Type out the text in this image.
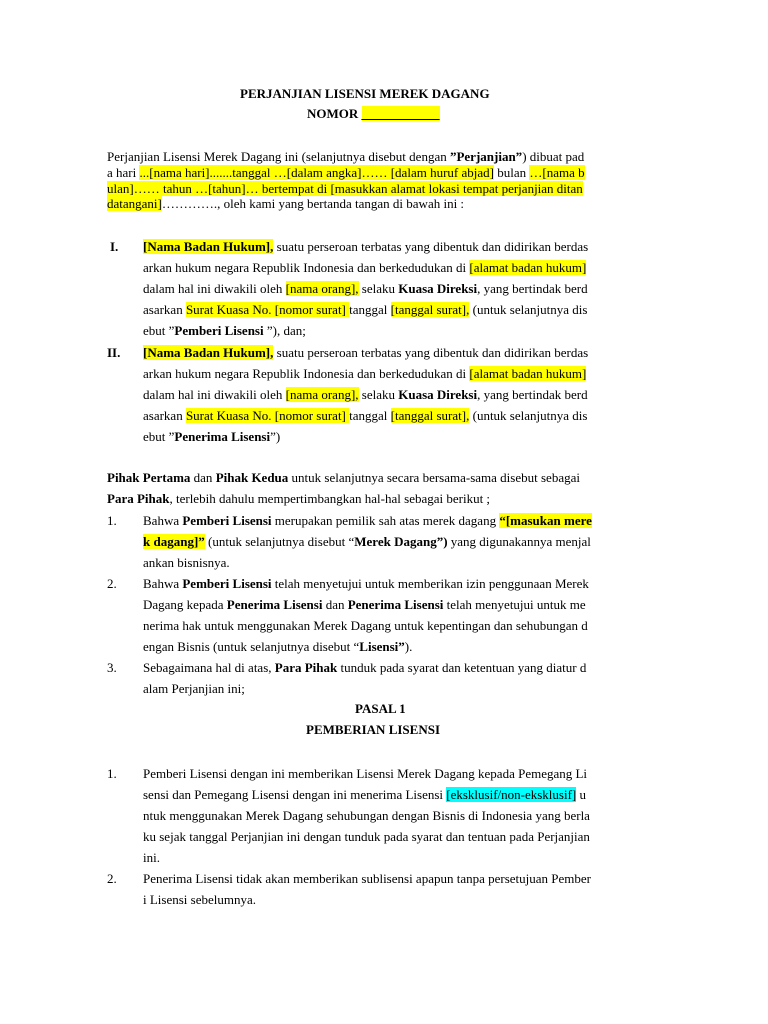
PERJANJIAN LISENSI MEREK DAGANG
NOMOR ____________
Perjanjian Lisensi Merek Dagang ini (selanjutnya disebut dengan ”Perjanjian”) dibuat pad
a hari ...[nama hari].......tanggal …[dalam angka]…… [dalam huruf abjad] bulan …[nama b
ulan]…… tahun …[tahun]… bertempat di [masukkan alamat lokasi tempat perjanjian ditan
datangani]…………., oleh kami yang bertanda tangan di bawah ini :
I. [Nama Badan Hukum], suatu perseroan terbatas yang dibentuk dan didirikan berdas
arkan hukum negara Republik Indonesia dan berkedudukan di [alamat badan hukum]
dalam hal ini diwakili oleh [nama orang], selaku Kuasa Direksi, yang bertindak berd
asarkan Surat Kuasa No. [nomor surat] tanggal [tanggal surat], (untuk selanjutnya dis
ebut ”Pemberi Lisensi ”), dan;
II. [Nama Badan Hukum], suatu perseroan terbatas yang dibentuk dan didirikan berdas
arkan hukum negara Republik Indonesia dan berkedudukan di [alamat badan hukum]
dalam hal ini diwakili oleh [nama orang], selaku Kuasa Direksi, yang bertindak berd
asarkan Surat Kuasa No. [nomor surat] tanggal [tanggal surat], (untuk selanjutnya dis
ebut ”Penerima Lisensi”)
Pihak Pertama dan Pihak Kedua untuk selanjutnya secara bersama-sama disebut sebagai
Para Pihak, terlebih dahulu mempertimbangkan hal-hal sebagai berikut ;
1. Bahwa Pemberi Lisensi merupakan pemilik sah atas merek dagang “[masukan mere
k dagang]” (untuk selanjutnya disebut “Merek Dagang”) yang digunakannya menjal
ankan bisnisnya.
2. Bahwa Pemberi Lisensi telah menyetujui untuk memberikan izin penggunaan Merek
Dagang kepada Penerima Lisensi dan Penerima Lisensi telah menyetujui untuk me
nerima hak untuk menggunakan Merek Dagang untuk kepentingan dan sehubungan d
engan Bisnis (untuk selanjutnya disebut “Lisensi”).
3. Sebagaimana hal di atas, Para Pihak tunduk pada syarat dan ketentuan yang diatur d
alam Perjanjian ini;
PASAL 1
PEMBERIAN LISENSI
1. Pemberi Lisensi dengan ini memberikan Lisensi Merek Dagang kepada Pemegang Li
sensi dan Pemegang Lisensi dengan ini menerima Lisensi [eksklusif/non-eksklusif] u
ntuk menggunakan Merek Dagang sehubungan dengan Bisnis di Indonesia yang berla
ku sejak tanggal Perjanjian ini dengan tunduk pada syarat dan tentuan pada Perjanjian
ini.
2. Penerima Lisensi tidak akan memberikan sublisensi apapun tanpa persetujuan Pember
i Lisensi sebelumnya.
